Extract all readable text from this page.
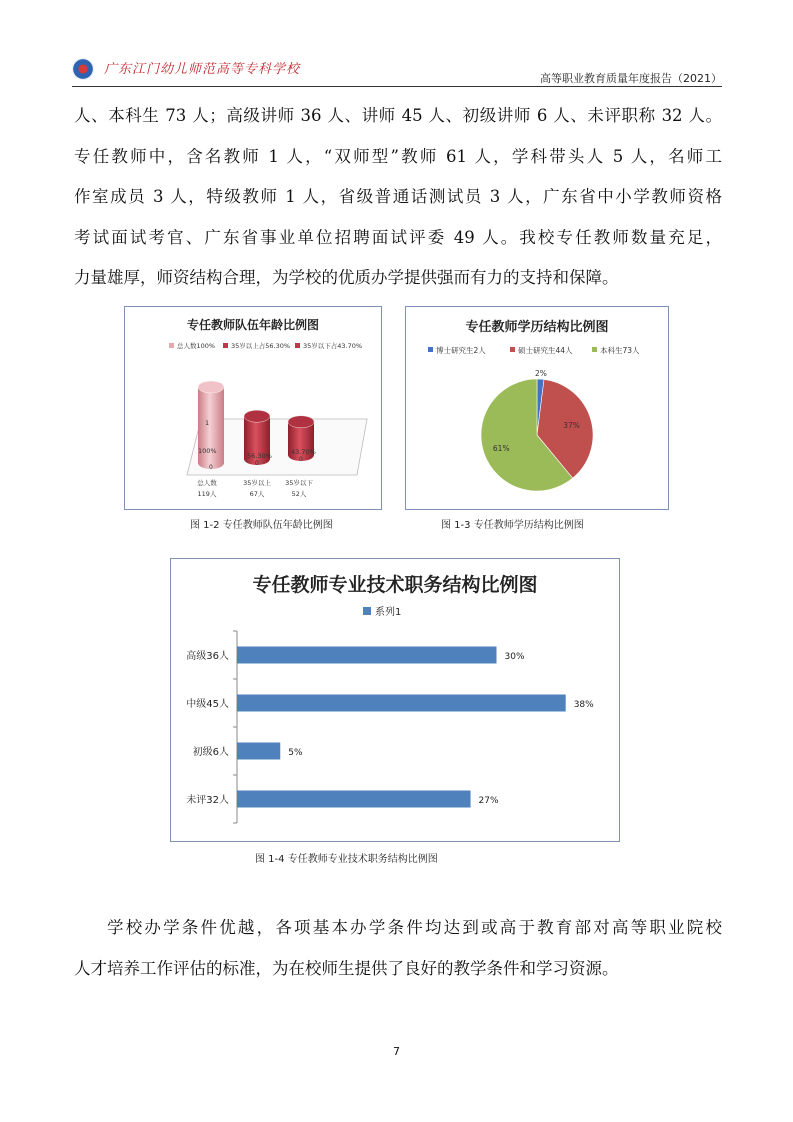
广东江门幼儿师范高等专科学校
高等职业教育质量年度报告（2021）
人、本科生 73 人；高级讲师 36 人、讲师 45 人、初级讲师 6 人、未评职称 32 人。
专任教师中，含名教师 1 人，“双师型”教师 61 人，学科带头人 5 人，名师工
作室成员 3 人，特级教师 1 人，省级普通话测试员 3 人，广东省中小学教师资格
考试面试考官、广东省事业单位招聘面试评委 49 人。我校专任教师数量充足，
力量雄厚，师资结构合理，为学校的优质办学提供强而有力的支持和保障。
专任教师队伍年龄比例图
总人数100% 35岁以上占56.30% 35岁以下占43.70%
1
100%
0
56.30%
0
43.70%
0
总人数
119人
35岁以上
67人
35岁以下
52人
图 1-2 专任教师队伍年龄比例图
专任教师学历结构比例图
博士研究生2人	硕士研究生44人	本科生73人
2%
37%
61%
图 1-3 专任教师学历结构比例图
专任教师专业技术职务结构比例图
系列1
高级36人	30%
中级45人	38%
初级6人	5%
未评32人	27%
图 1-4 专任教师专业技术职务结构比例图
学校办学条件优越，各项基本办学条件均达到或高于教育部对高等职业院校
人才培养工作评估的标准，为在校师生提供了良好的教学条件和学习资源。
7
